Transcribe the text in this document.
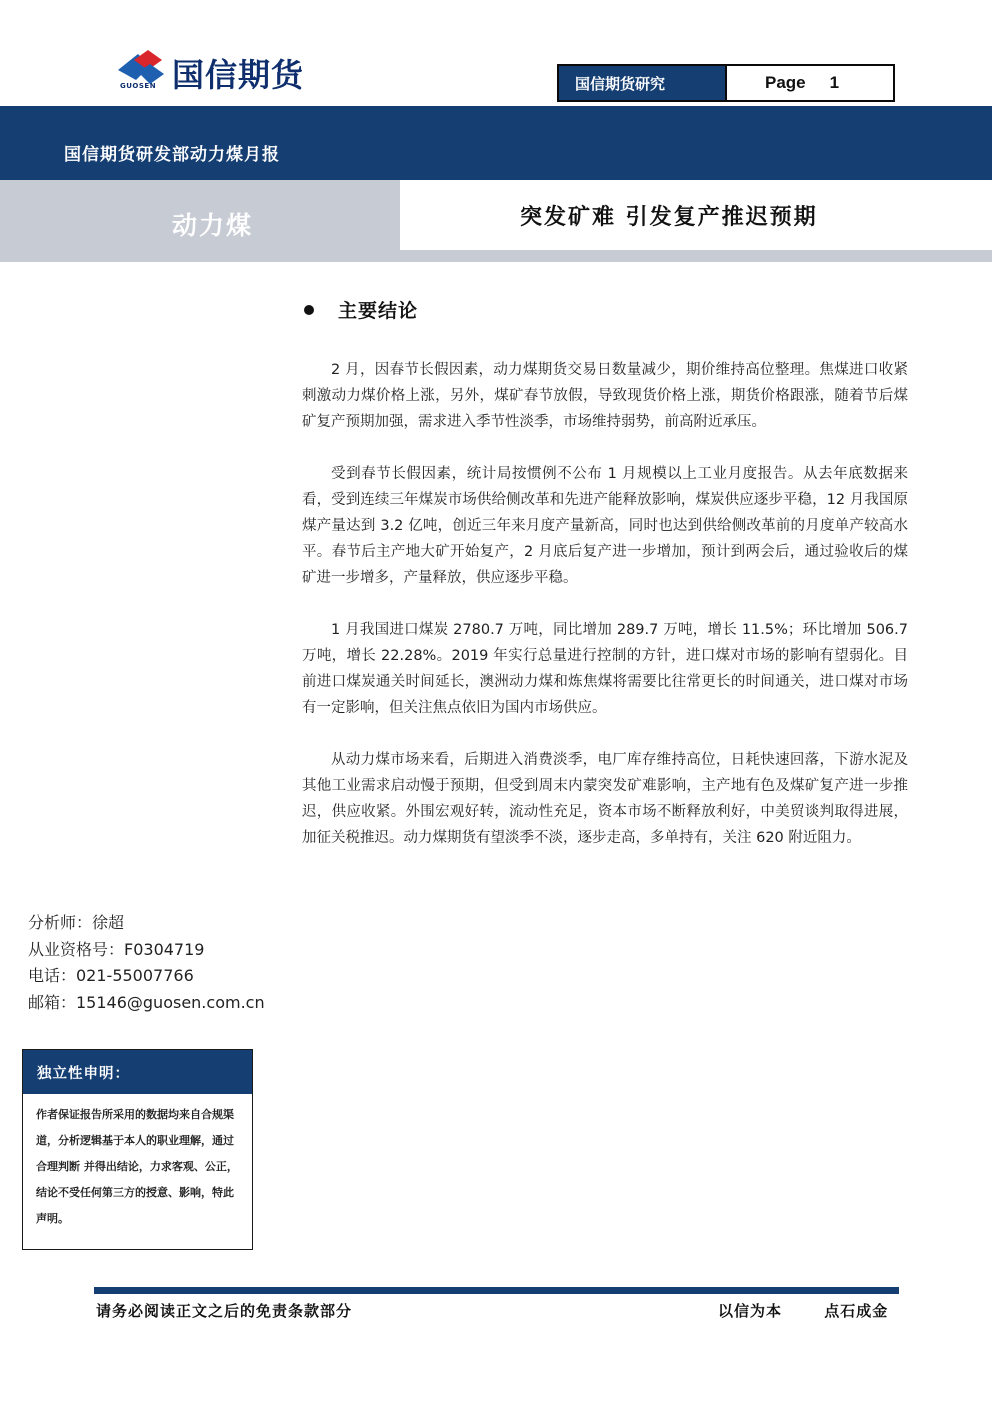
GUOSEN 国信期货	国信期货研究	Page 1
国信期货研发部动力煤月报
动力煤	突发矿难 引发复产推迟预期
2019 年 2 月 24 日
主要结论

2 月，因春节长假因素，动力煤期货交易日数量减少，期价维持高位整理。焦煤进口收紧刺激动力煤价格上涨，另外，煤矿春节放假，导致现货价格上涨，期货价格跟涨，随着节后煤矿复产预期加强，需求进入季节性淡季，市场维持弱势，前高附近承压。

受到春节长假因素，统计局按惯例不公布 1 月规模以上工业月度报告。从去年底数据来看，受到连续三年煤炭市场供给侧改革和先进产能释放影响，煤炭供应逐步平稳，12 月我国原煤产量达到 3.2 亿吨，创近三年来月度产量新高，同时也达到供给侧改革前的月度单产较高水平。春节后主产地大矿开始复产，2 月底后复产进一步增加，预计到两会后，通过验收后的煤矿进一步增多，产量释放，供应逐步平稳。

1 月我国进口煤炭 2780.7 万吨，同比增加 289.7 万吨，增长 11.5%；环比增加 506.7 万吨，增长 22.28%。2019 年实行总量进行控制的方针，进口煤对市场的影响有望弱化。目前进口煤炭通关时间延长，澳洲动力煤和炼焦煤将需要比往常更长的时间通关，进口煤对市场有一定影响，但关注焦点依旧为国内市场供应。

从动力煤市场来看，后期进入消费淡季，电厂库存维持高位，日耗快速回落，下游水泥及其他工业需求启动慢于预期，但受到周末内蒙突发矿难影响，主产地有色及煤矿复产进一步推迟，供应收紧。外围宏观好转，流动性充足，资本市场不断释放利好，中美贸谈判取得进展，加征关税推迟。动力煤期货有望淡季不淡，逐步走高，多单持有，关注 620 附近阻力。

分析师：徐超
从业资格号：F0304719
电话：021-55007766
邮箱：15146@guosen.com.cn
独立性申明：
作者保证报告所采用的数据均来自合规渠道，分析逻辑基于本人的职业理解，通过合理判断 并得出结论，力求客观、公正，结论不受任何第三方的授意、影响，特此声明。
请务必阅读正文之后的免责条款部分	以信为本	点石成金
